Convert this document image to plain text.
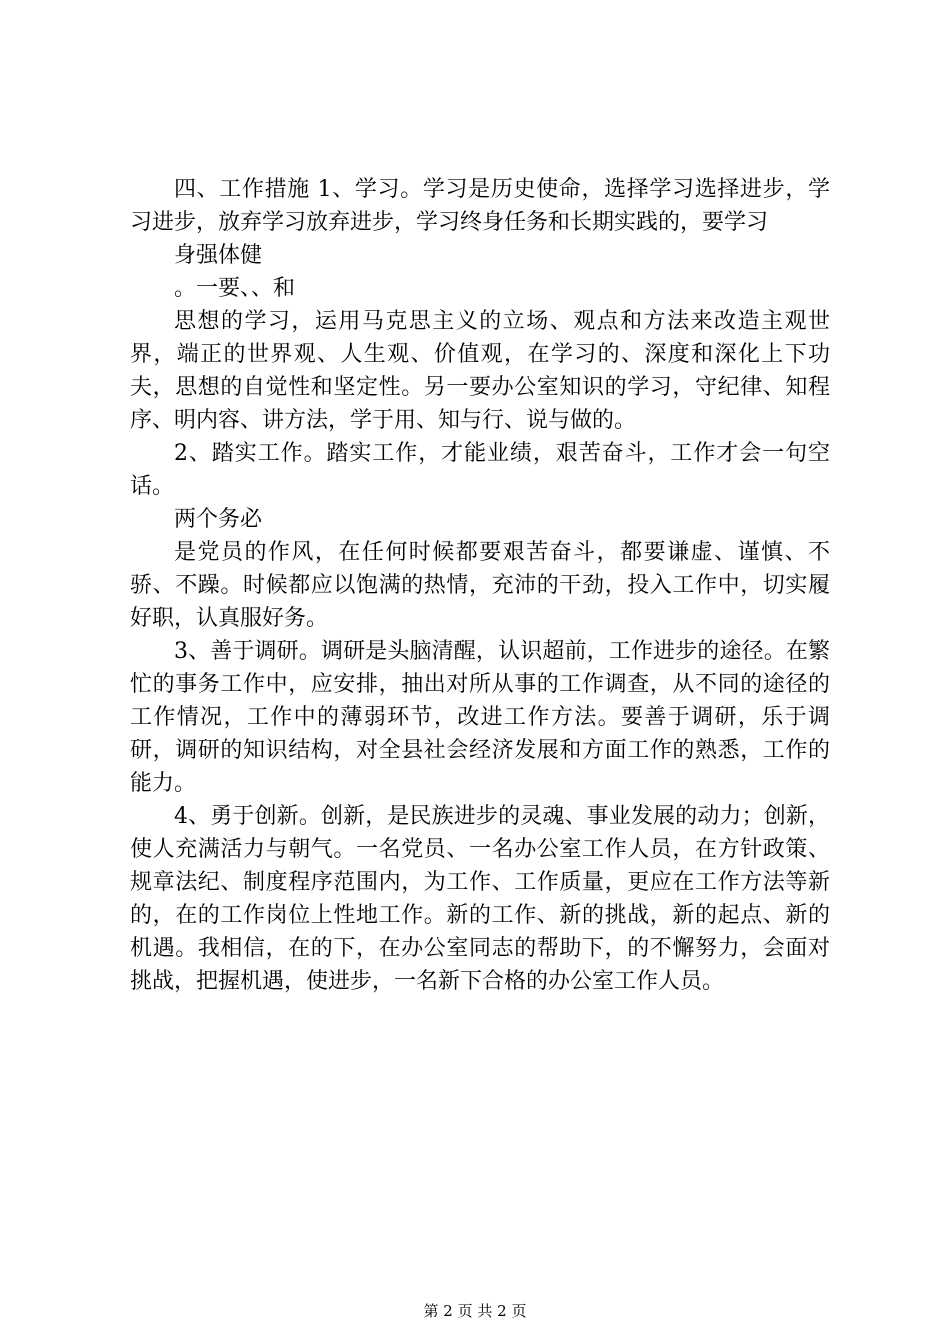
四、工作措施 1、学习。学习是历史使命，选择学习选择进步，学习进步，放弃学习放弃进步，学习终身任务和长期实践的，要学习

身强体健

。一要、、和

思想的学习，运用马克思主义的立场、观点和方法来改造主观世界，端正的世界观、人生观、价值观，在学习的、深度和深化上下功夫，思想的自觉性和坚定性。另一要办公室知识的学习，守纪律、知程序、明内容、讲方法，学于用、知与行、说与做的。

2、踏实工作。踏实工作，才能业绩，艰苦奋斗，工作才会一句空话。

两个务必

是党员的作风，在任何时候都要艰苦奋斗，都要谦虚、谨慎、不骄、不躁。时候都应以饱满的热情，充沛的干劲，投入工作中，切实履好职，认真服好务。

3、善于调研。调研是头脑清醒，认识超前，工作进步的途径。在繁忙的事务工作中，应安排，抽出对所从事的工作调查，从不同的途径的工作情况，工作中的薄弱环节，改进工作方法。要善于调研，乐于调研，调研的知识结构，对全县社会经济发展和方面工作的熟悉，工作的能力。

4、勇于创新。创新，是民族进步的灵魂、事业发展的动力；创新，使人充满活力与朝气。一名党员、一名办公室工作人员，在方针政策、规章法纪、制度程序范围内，为工作、工作质量，更应在工作方法等新的，在的工作岗位上性地工作。新的工作、新的挑战，新的起点、新的机遇。我相信，在的下，在办公室同志的帮助下，的不懈努力，会面对挑战，把握机遇，使进步，一名新下合格的办公室工作人员。

第 2 页 共 2 页
